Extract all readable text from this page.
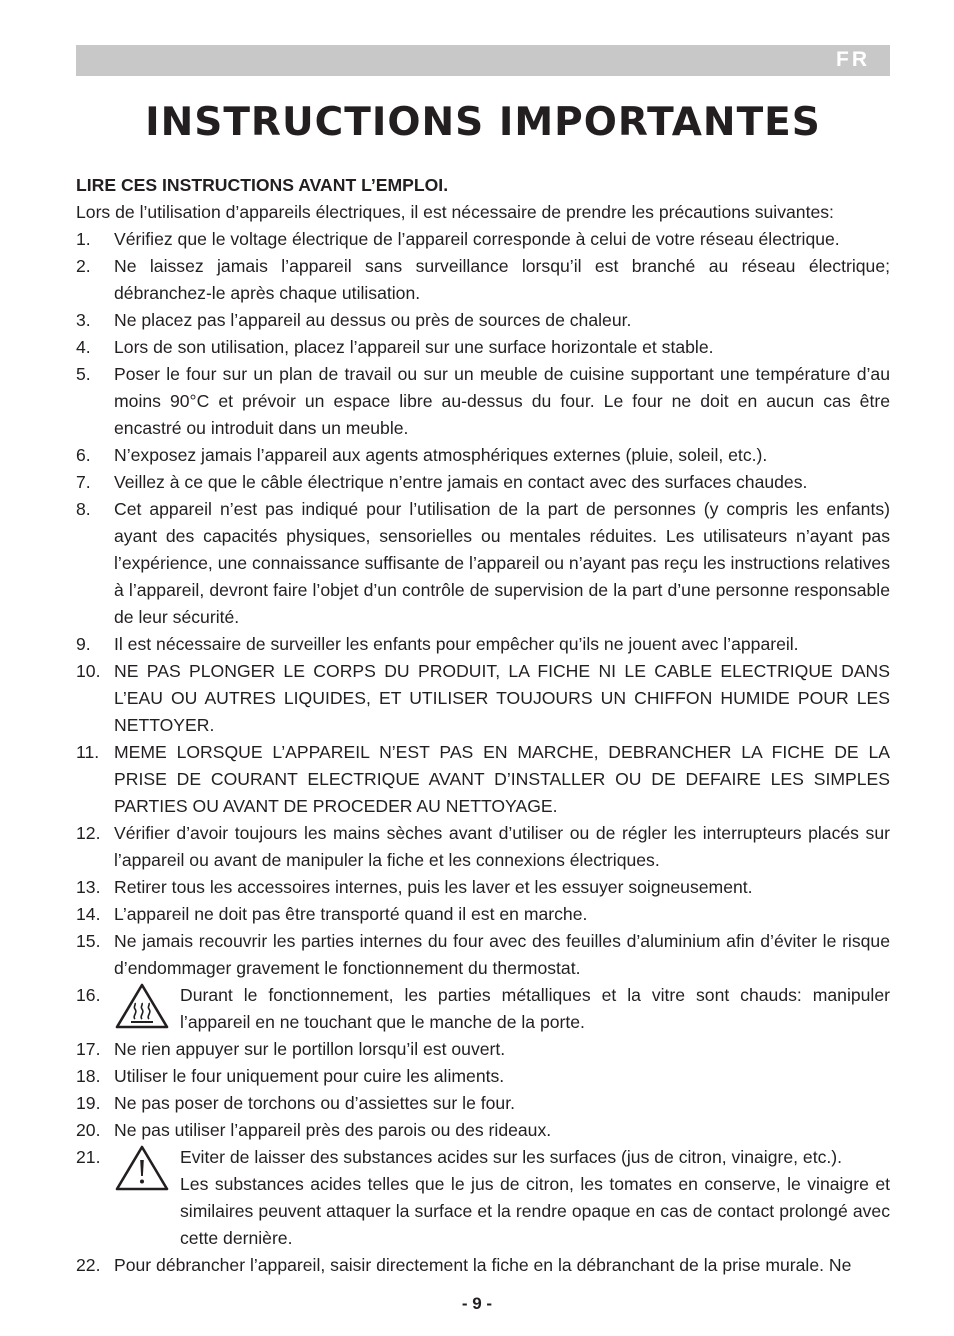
FR
INSTRUCTIONS IMPORTANTES

LIRE CES INSTRUCTIONS AVANT L’EMPLOI.

Lors de l’utilisation d’appareils électriques, il est nécessaire de prendre les précautions suivantes:

1.	Vérifiez que le voltage électrique de l’appareil corresponde à celui de votre réseau électrique.
2.	Ne laissez jamais l’appareil sans surveillance lorsqu’il est branché au réseau électrique; débranchez-le après chaque utilisation.
3.	Ne placez pas l’appareil au dessus ou près de sources de chaleur.
4.	Lors de son utilisation, placez l’appareil sur une surface horizontale et stable.
5.	Poser le four sur un plan de travail ou sur un meuble de cuisine supportant une température d’au moins 90°C et prévoir un espace libre au-dessus du four. Le four ne doit en aucun cas être encastré ou introduit dans un meuble.
6.	N’exposez jamais l’appareil aux agents atmosphériques externes (pluie, soleil, etc.).
7.	Veillez à ce que le câble électrique n’entre jamais en contact avec des surfaces chaudes.
8.	Cet appareil n’est pas indiqué pour l’utilisation de la part de personnes (y compris les enfants) ayant des capacités physiques, sensorielles ou mentales réduites. Les utilisateurs n’ayant pas l’expérience, une connaissance suffisante de l’appareil ou n’ayant pas reçu les instructions relatives à l’appareil, devront faire l’objet d’un contrôle de supervision de la part d’une personne responsable de leur sécurité.
9.	Il est nécessaire de surveiller les enfants pour empêcher qu’ils ne jouent avec l’appareil.
10. NE PAS PLONGER LE CORPS DU PRODUIT, LA FICHE NI LE CABLE ELECTRIQUE DANS L’EAU OU AUTRES LIQUIDES, ET UTILISER TOUJOURS UN CHIFFON HUMIDE POUR LES NETTOYER.
11. MEME LORSQUE L’APPAREIL N’EST PAS EN MARCHE, DEBRANCHER LA FICHE DE LA PRISE DE COURANT ELECTRIQUE AVANT D’INSTALLER OU DE DEFAIRE LES SIMPLES PARTIES OU AVANT DE PROCEDER AU NETTOYAGE.
12. Vérifier d’avoir toujours les mains sèches avant d’utiliser ou de régler les interrupteurs placés sur l’appareil ou avant de manipuler la fiche et les connexions électriques.
13. Retirer tous les accessoires internes, puis les laver et les essuyer soigneusement.
14. L’appareil ne doit pas être transporté quand il est en marche.
15. Ne jamais recouvrir les parties internes du four avec des feuilles d’aluminium afin d’éviter le risque d’endommager gravement le fonctionnement du thermostat.
16.	Durant le fonctionnement, les parties métalliques et la vitre sont chauds: manipuler l’appareil en ne touchant que le manche de la porte.
17. Ne rien appuyer sur le portillon lorsqu’il est ouvert.
18. Utiliser le four uniquement pour cuire les aliments.
19. Ne pas poser de torchons ou d’assiettes sur le four.
20. Ne pas utiliser l’appareil près des parois ou des rideaux.
21.	Eviter de laisser des substances acides sur les surfaces (jus de citron, vinaigre, etc.).
Les substances acides telles que le jus de citron, les tomates en conserve, le vinaigre et similaires peuvent attaquer la surface et la rendre opaque en cas de contact prolongé avec cette dernière.
22. Pour débrancher l’appareil, saisir directement la fiche en la débranchant de la prise murale. Ne
- 9 -
